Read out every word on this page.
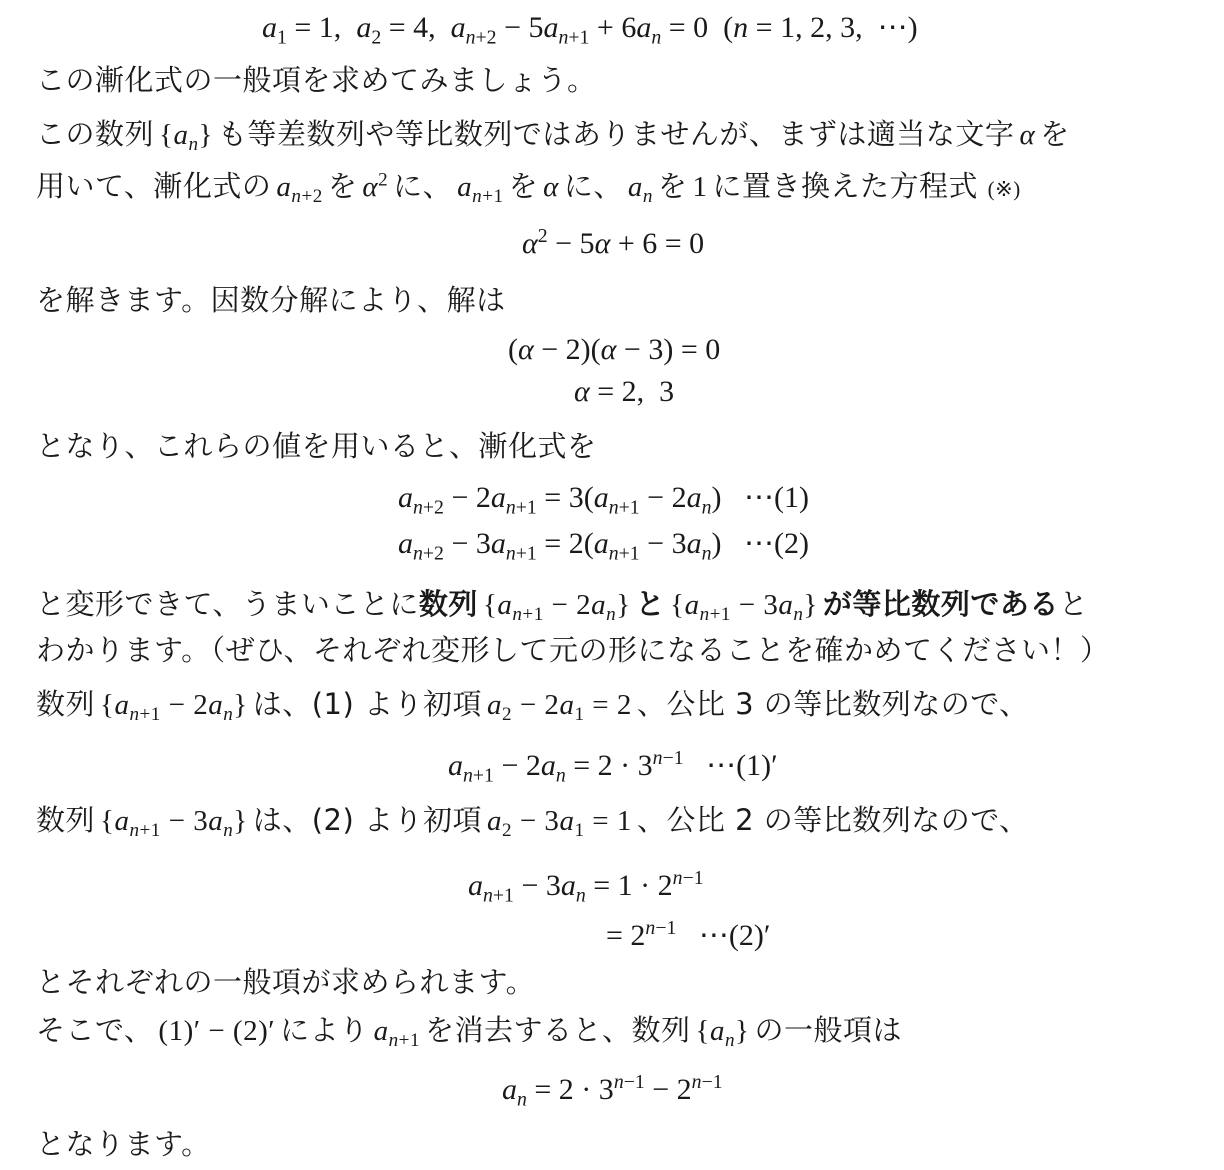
$a_1 = 1$,  $a_2 = 4$,  $a_{n+2} - 5a_{n+1} + 6a_n = 0$  (n = 1, 2, 3,  ⋯)
この漸化式の一般項を求めてみましょう。
この数列 $\{a_n\}$ も等差数列や等比数列ではありませんが、まずは適当な文字 α を
用いて、漸化式の $a_{n+2}$ を $\alpha^2$ に、 $a_{n+1}$ を α に、 $a_n$ を 1 に置き換えた方程式 (※)
$\alpha^2 - 5\alpha + 6 = 0$
を解きます。因数分解により、解は
(α − 2)(α − 3) = 0
α = 2,  3
となり、これらの値を用いると、漸化式を
$a_{n+2} - 2a_{n+1} = 3(a_{n+1} - 2a_n)$   ⋯(1)
$a_{n+2} - 3a_{n+1} = 2(a_{n+1} - 3a_n)$   ⋯(2)
と変形できて、うまいことに数列 $\{a_{n+1} - 2a_n\}$ と $\{a_{n+1} - 3a_n\}$ が等比数列であると
わかります。（ぜひ、それぞれ変形して元の形になることを確かめてください！）
数列 $\{a_{n+1} - 2a_n\}$ は、(1) より初項 $a_2 - 2a_1 = 2$ 、公比 3 の等比数列なので、
$a_{n+1} - 2a_n = 2 \cdot 3^{n-1}$   ⋯(1)′
数列 $\{a_{n+1} - 3a_n\}$ は、(2) より初項 $a_2 - 3a_1 = 1$ 、公比 2 の等比数列なので、
$a_{n+1} - 3a_n = 1 \cdot 2^{n-1}$
= $2^{n-1}$   ⋯(2)′
とそれぞれの一般項が求められます。
そこで、 (1)′ − (2)′ により $a_{n+1}$ を消去すると、数列 $\{a_n\}$ の一般項は
$a_n = 2 \cdot 3^{n-1} - 2^{n-1}$
となります。
